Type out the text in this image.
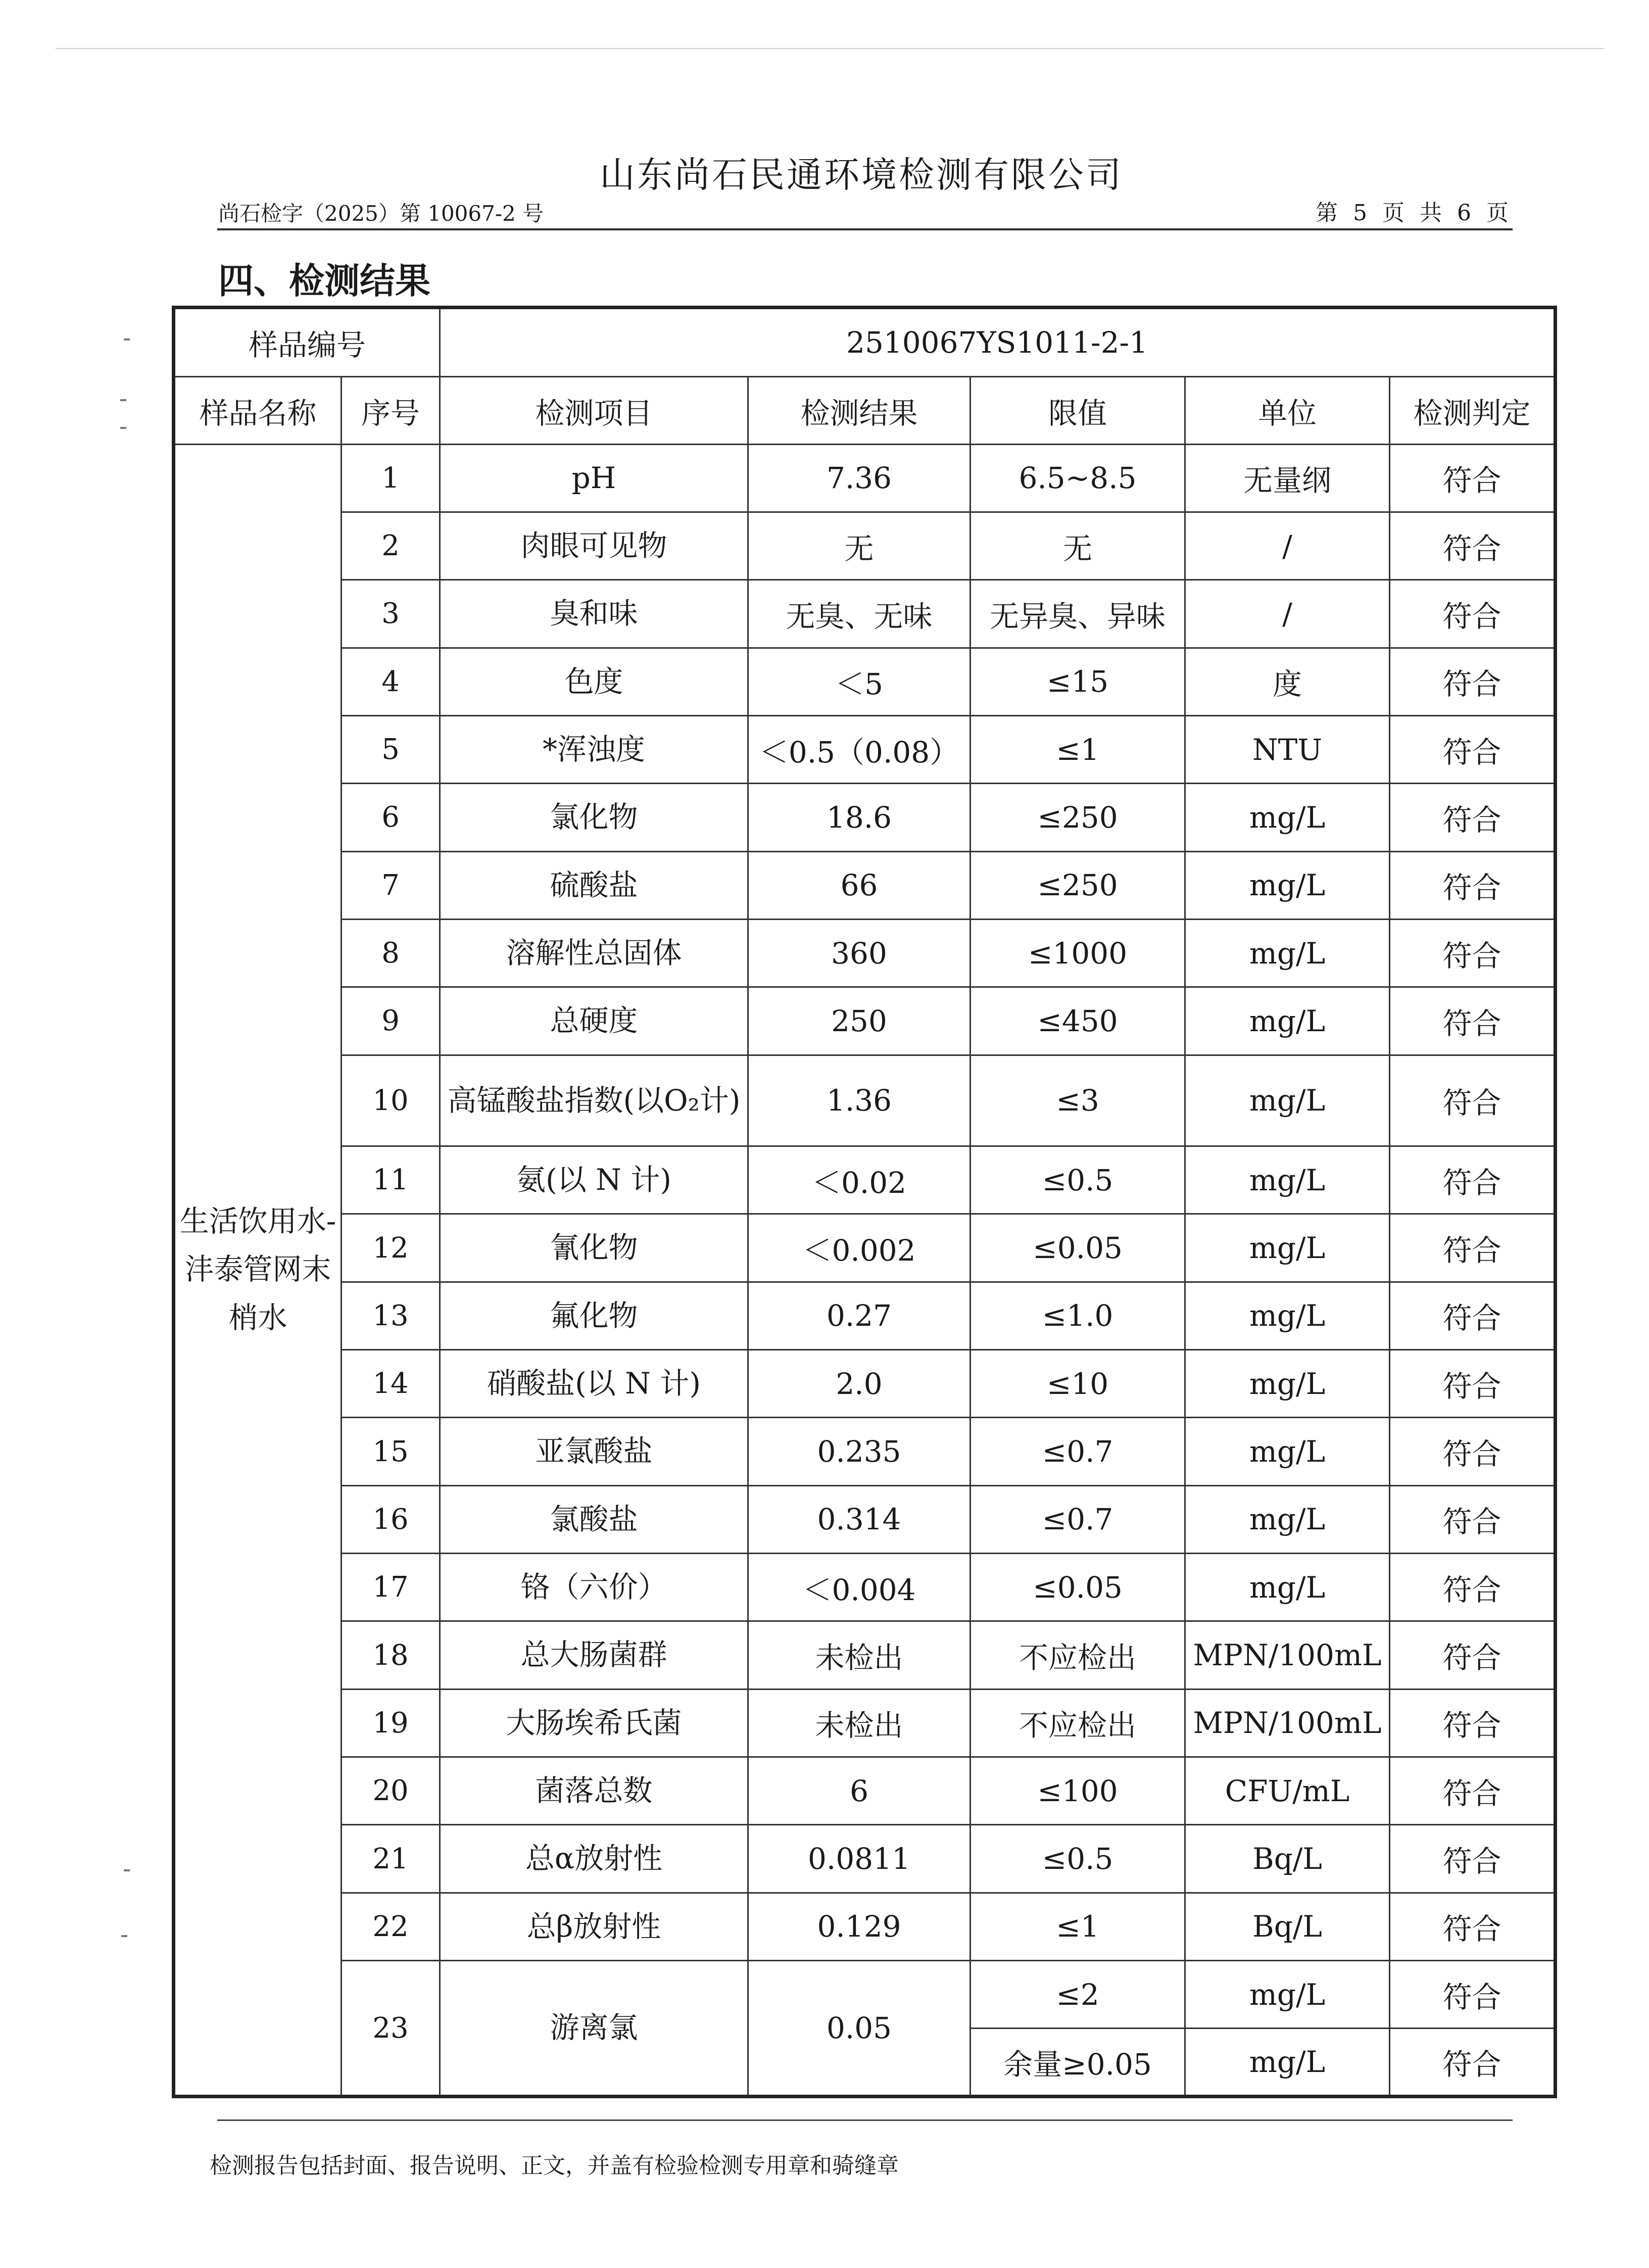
山东尚石民通环境检测有限公司
尚石检字（2025）第 10067-2 号	第 5 页 共 6 页
四、检测结果
样品编号		2510067YS1011-2-1				
样品名称	序号	检测项目	检测结果	限值	单位	检测判定
生活饮用水-沣泰管网末梢水	1	pH	7.36	6.5~8.5	无量纲	符合
	2	肉眼可见物	无	无	/	符合
	3	臭和味	无臭、无味	无异臭、异味	/	符合
	4	色度	＜5	≤15	度	符合
	5	*浑浊度	＜0.5（0.08）	≤1	NTU	符合
	6	氯化物	18.6	≤250	mg/L	符合
	7	硫酸盐	66	≤250	mg/L	符合
	8	溶解性总固体	360	≤1000	mg/L	符合
	9	总硬度	250	≤450	mg/L	符合
	10	高锰酸盐指数(以O₂计)	1.36	≤3	mg/L	符合
	11	氨(以 N 计)	＜0.02	≤0.5	mg/L	符合
	12	氰化物	＜0.002	≤0.05	mg/L	符合
	13	氟化物	0.27	≤1.0	mg/L	符合
	14	硝酸盐(以 N 计)	2.0	≤10	mg/L	符合
	15	亚氯酸盐	0.235	≤0.7	mg/L	符合
	16	氯酸盐	0.314	≤0.7	mg/L	符合
	17	铬（六价）	＜0.004	≤0.05	mg/L	符合
	18	总大肠菌群	未检出	不应检出	MPN/100mL	符合
	19	大肠埃希氏菌	未检出	不应检出	MPN/100mL	符合
	20	菌落总数	6	≤100	CFU/mL	符合
	21	总α放射性	0.0811	≤0.5	Bq/L	符合
	22	总β放射性	0.129	≤1	Bq/L	符合
	23	游离氯	0.05	≤2	mg/L	符合
				余量≥0.05	mg/L	符合
检测报告包括封面、报告说明、正文，并盖有检验检测专用章和骑缝章
